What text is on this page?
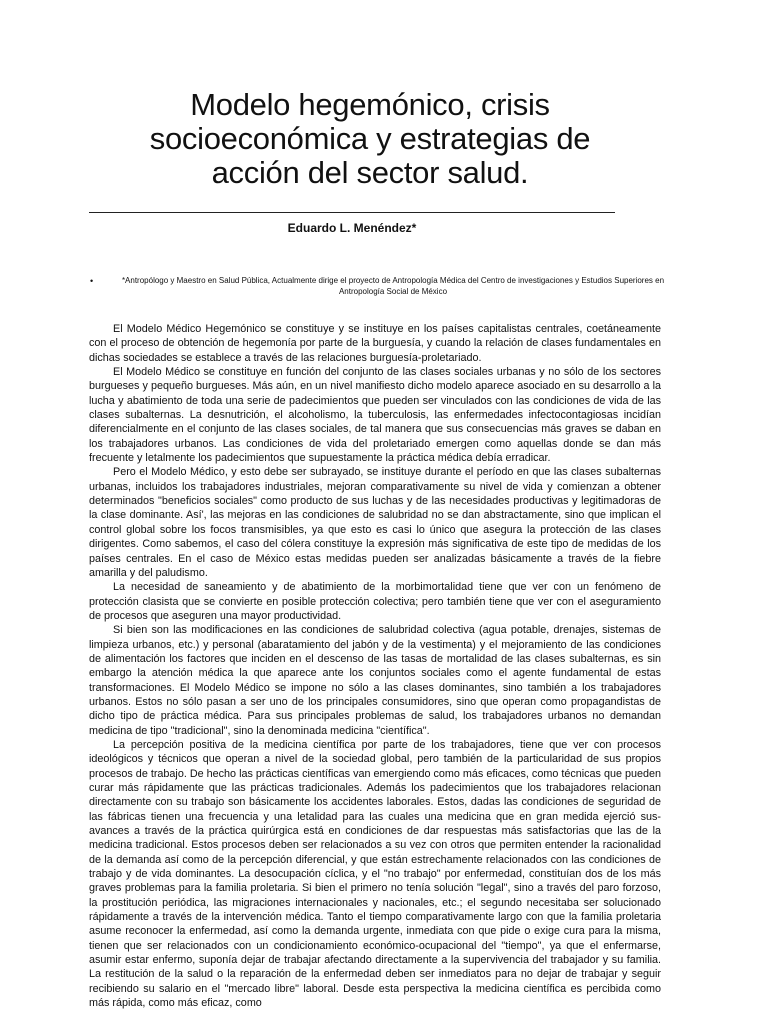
Modelo hegemónico, crisis socioeconómica y estrategias de acción del sector salud.
Eduardo L. Menéndez*
•	*Antropólogo y Maestro en Salud Pública, Actualmente dirige el proyecto de Antropología Médica del Centro de investigaciones y Estudios Superiores en Antropología Social de México

El Modelo Médico Hegemónico se constituye y se instituye en los países capitalistas centrales, coetáneamente con el proceso de obtención de hegemonía por parte de la burguesía, y cuando la relación de clases fundamentales en dichas sociedades se establece a través de las relaciones burguesía-proletariado.

El Modelo Médico se constituye en función del conjunto de las clases sociales urbanas y no sólo de los sectores burgueses y pequeño burgueses. Más aún, en un nivel manifiesto dicho modelo aparece asociado en su desarrollo a la lucha y abatimiento de toda una serie de padecimientos que pueden ser vinculados con las condiciones de vida de las clases subalternas. La desnutrición, el alcoholismo, la tuberculosis, las enfermedades infectocontagiosas incidían diferencialmente en el conjunto de las clases sociales, de tal manera que sus consecuencias más graves se daban en los trabajadores urbanos. Las condiciones de vida del proletariado emergen como aquellas donde se dan más frecuente y letalmente los padecimientos que supuestamente la práctica médica debía erradicar.

Pero el Modelo Médico, y esto debe ser subrayado, se instituye durante el período en que las clases subalternas urbanas, incluidos los trabajadores industriales, mejoran comparativamente su nivel de vida y comienzan a obtener determinados "beneficios sociales" como producto de sus luchas y de las necesidades productivas y legitimadoras de la clase dominante. Así', las mejoras en las condiciones de salubridad no se dan abstractamente, sino que implican el control global sobre los focos transmisibles, ya que esto es casi lo único que asegura la protección de las clases dirigentes. Como sabemos, el caso del cólera constituye la expresión más significativa de este tipo de medidas de los países centrales. En el caso de México estas medidas pueden ser analizadas básicamente a través de la fiebre amarilla y del paludismo.

La necesidad de saneamiento y de abatimiento de la morbimortalidad tiene que ver con un fenómeno de protección clasista que se convierte en posible protección colectiva; pero también tiene que ver con el aseguramiento de procesos que aseguren una mayor productividad.

Si bien son las modificaciones en las condiciones de salubridad colectiva (agua potable, drenajes, sistemas de limpieza urbanos, etc.) y personal (abaratamiento del jabón y de la vestimenta) y el mejoramiento de las condiciones de alimentación los factores que inciden en el descenso de las tasas de mortalidad de las clases subalternas, es sin embargo la atención médica la que aparece ante los conjuntos sociales como el agente fundamental de estas transformaciones. El Modelo Médico se impone no sólo a las clases dominantes, sino también a los trabajadores urbanos. Estos no sólo pasan a ser uno de los principales consumidores, sino que operan como propagandistas de dicho tipo de práctica médica. Para sus principales problemas de salud, los trabajadores urbanos no demandan medicina de tipo "tradicional", sino la denominada medicina "científica".

La percepción positiva de la medicina científica por parte de los trabajadores, tiene que ver con procesos ideológicos y técnicos que operan a nivel de la sociedad global, pero también de la particularidad de sus propios procesos de trabajo. De hecho las prácticas científicas van emergiendo como más eficaces, como técnicas que pueden curar más rápidamente que las prácticas tradicionales. Además los padecimientos que los trabajadores relacionan directamente con su trabajo son básicamente los accidentes laborales. Estos, dadas las condiciones de seguridad de las fábricas tienen una frecuencia y una letalidad para las cuales una medicina que en gran medida ejerció sus-avances a través de la práctica quirúrgica está en condiciones de dar respuestas más satisfactorias que las de la medicina tradicional. Estos procesos deben ser relacionados a su vez con otros que permiten entender la racionalidad de la demanda así como de la percepción diferencial, y que están estrechamente relacionados con las condiciones de trabajo y de vida dominantes. La desocupación cíclica, y el "no trabajo" por enfermedad, constituían dos de los más graves problemas para la familia proletaria. Si bien el primero no tenía solución "legal", sino a través del paro forzoso, la prostitución periódica, las migraciones internacionales y nacionales, etc.; el segundo necesitaba ser solucionado rápidamente a través de la intervención médica. Tanto el tiempo comparativamente largo con que la familia proletaria asume reconocer la enfermedad, así como la demanda urgente, inmediata con que pide o exige cura para la misma, tienen que ser relacionados con un condicionamiento económico-ocupacional del "tiempo", ya que el enfermarse, asumir estar enfermo, suponía dejar de trabajar afectando directamente a la supervivencia del trabajador y su familia. La restitución de la salud o la reparación de la enfermedad deben ser inmediatos para no dejar de trabajar y seguir recibiendo su salario en el "mercado libre" laboral. Desde esta perspectiva la medicina científica es percibida como más rápida, como más eficaz, como
